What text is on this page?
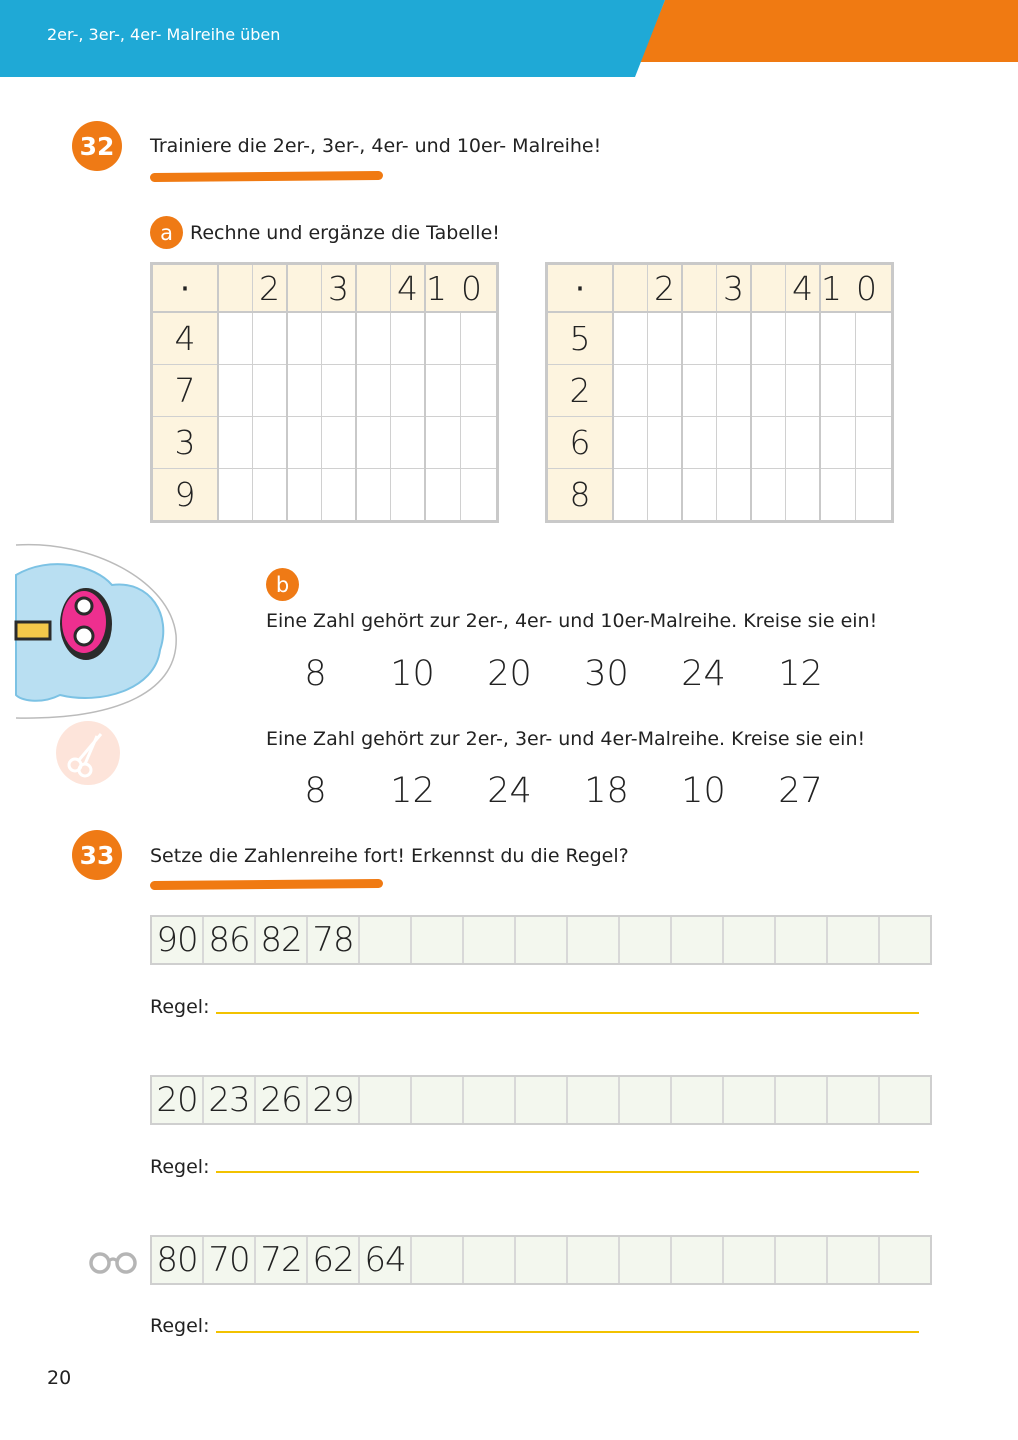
2er-, 3er-, 4er- Malreihe üben
32	Trainiere die 2er-, 3er-, 4er- und 10er- Malreihe!
a Rechne und ergänze die Tabelle!
·		2		3		4	10	
4								
7								
3								
9								
·		2		3		4	10	
5								
2								
6								
8								
b
Eine Zahl gehört zur 2er-, 4er- und 10er-Malreihe. Kreise sie ein!
8	10	20	30	24	12
Eine Zahl gehört zur 2er-, 3er- und 4er-Malreihe. Kreise sie ein!
8	12	24	18	10	27
33	Setze die Zahlenreihe fort! Erkennst du die Regel?
90 86 82 78
Regel:
20 23 26 29
Regel:
80 70 72 62 64
Regel:
20
